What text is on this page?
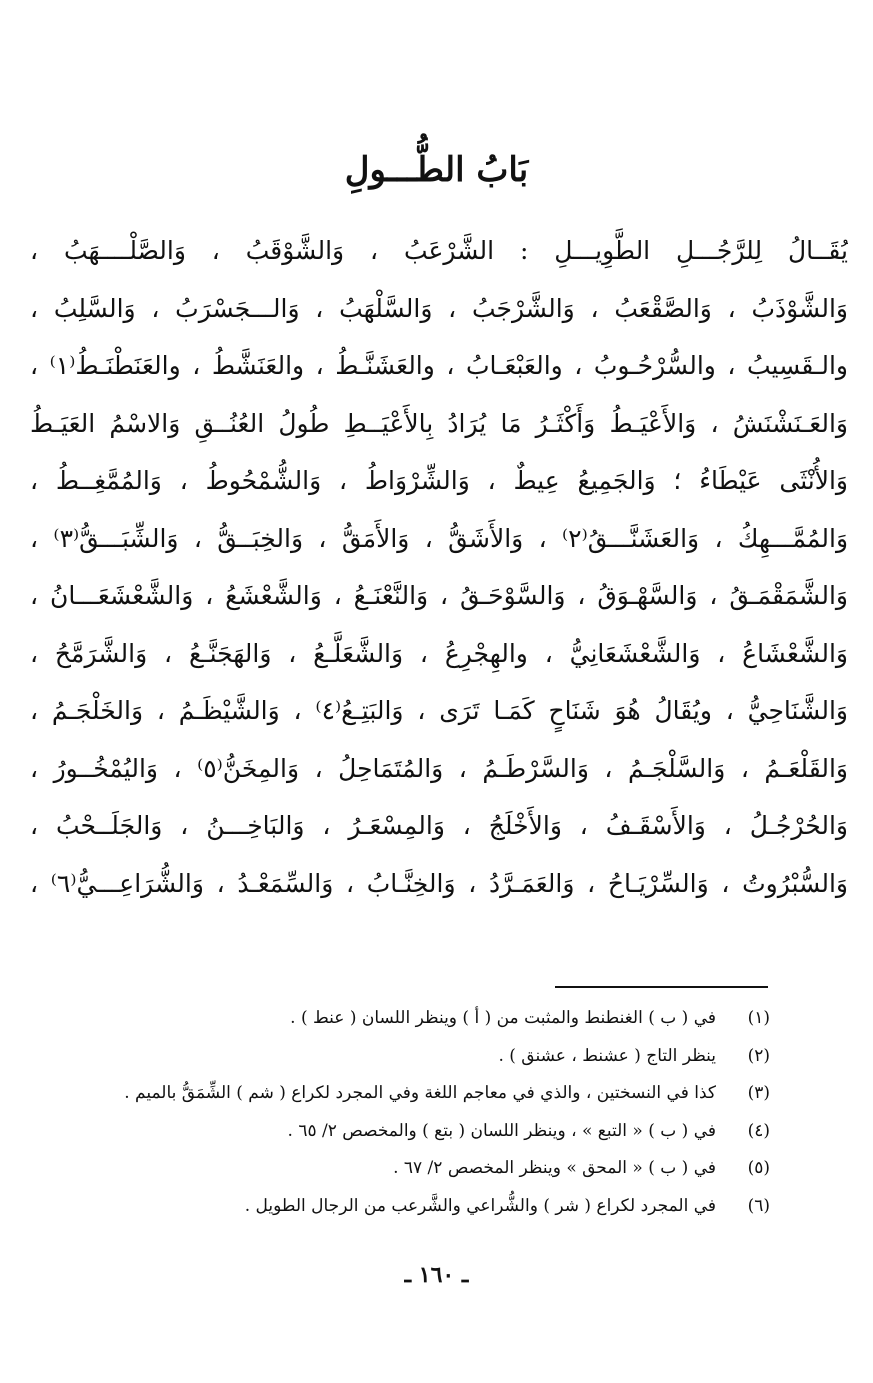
بَابُ الطُّـــولِ
يُقَــالُ لِلرَّجُـــلِ الطَّوِيـــلِ : الشَّرْعَبُ ، وَالشَّوْقَبُ ، وَالصَّلْــــهَبُ ،
وَالشَّوْذَبُ ، وَالصَّقْعَبُ ، وَالشَّرْجَبُ ، وَالسَّلْهَبُ ، وَالـــجَسْرَبُ ، وَالسَّلِبُ ،
والـقَسِيبُ ، والسُّرْحُـوبُ ، والعَبْعَـابُ ، والعَشَنَّـطُ ، والعَنَشَّطُ ، والعَنَطْنَـطُ⁽١⁾ ،
وَالعَـنَشْنَشُ ، وَالأَعْيَـطُ وَأَكْثَـرُ مَا يُرَادُ بِالأَعْيَــطِ طُولُ العُنُــقِ وَالاسْمُ العَيَـطُ
وَالأُنْثَى عَيْطَاءُ ؛ وَالجَمِيعُ عِيطٌ ، وَالشِّرْوَاطُ ، وَالشُّمْحُوطُ ، وَالمُمَّغِــطُ ،
وَالمُمَّـــهِكُ ، وَالعَشَنَّـــقُ⁽٢⁾ ، وَالأَشَقُّ ، وَالأَمَقُّ ، وَالخِبَــقُّ ، وَالشِّبَـــقُّ⁽٣⁾ ،
وَالشَّمَقْمَـقُ ، وَالسَّهْـوَقُ ، وَالسَّوْحَـقُ ، وَالنَّعْنَـعُ ، وَالشَّعْشَعُ ، وَالشَّعْشَعَـــانُ ،
وَالشَّعْشَاعُ ، وَالشَّعْشَعَانِيُّ ، والهِجْرِعُ ، وَالشَّعَلَّـعُ ، وَالهَجَنَّـعُ ، وَالشَّرَمَّحُ ،
وَالشَّنَاحِيُّ ، ويُقَالُ هُوَ شَنَاحٍ كَمَـا تَرَى ، وَالبَتِـعُ⁽٤⁾ ، وَالشَّيْظَـمُ ، وَالخَلْجَـمُ ،
وَالقَلْعَـمُ ، وَالسَّلْجَـمُ ، وَالسَّرْطَـمُ ، وَالمُتَمَاحِلُ ، وَالمِخَنُّ⁽٥⁾ ، وَاليُمْخُــورُ ،
وَالحُرْجُـلُ ، وَالأَسْقَـفُ ، وَالأَخْلَجُ ، وَالمِسْعَـرُ ، وَالبَاخِـــنُ ، وَالجَلَــحْبُ ،
وَالسُّبْرُوتُ ، وَالسِّرْيَـاحُ ، وَالعَمَـرَّدُ ، وَالخِنَّـابُ ، وَالسِّمَعْـدُ ، وَالشُّرَاعِـــيُّ⁽٦⁾ ،
(١)في ( ب ) الغنطنط والمثبت من ( أ ) وينظر اللسان ( عنط ) .
(٢)ينظر التاج ( عشنط ، عشنق ) .
(٣)كذا في النسختين ، والذي في معاجم اللغة وفي المجرد لكراع ( شم ) الشِّمَقُّ بالميم .
(٤)في ( ب ) « التبع » ، وينظر اللسان ( بتع ) والمخصص ٢/ ٦٥ .
(٥)في ( ب ) « المحق » وينظر المخصص ٢/ ٦٧ .
(٦)في المجرد لكراع ( شر ) والشُّراعي والشَّرعب من الرجال الطويل .
ـ ١٦٠ ـ
